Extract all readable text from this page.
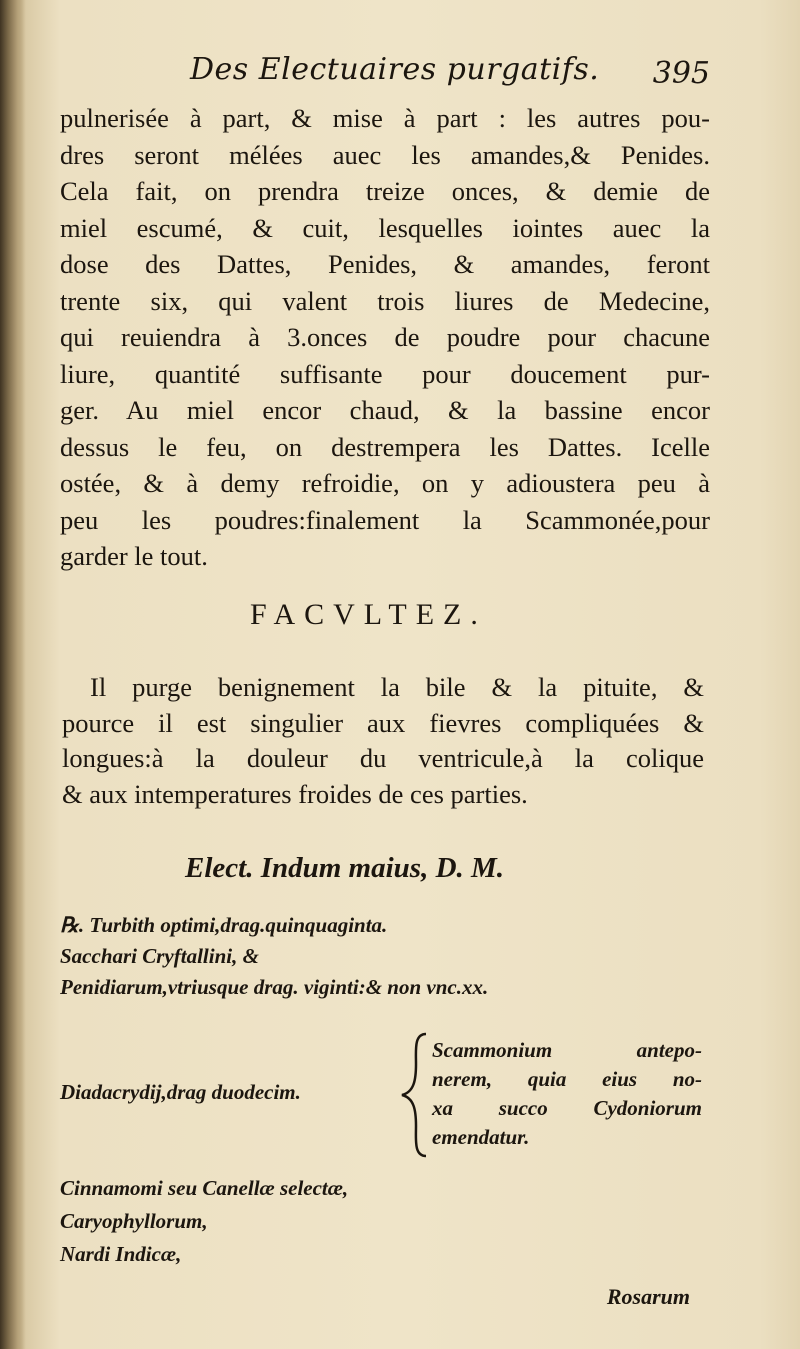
Des Electuaires purgatifs. 395
pulnerisée à part, & mise à part : les autres pou-
dres seront mélées auec les amandes,& Penides.
Cela fait, on prendra treize onces, & demie de
miel escumé, & cuit, lesquelles iointes auec la
dose des Dattes, Penides, & amandes, feront
trente six, qui valent trois liures de Medecine,
qui reuiendra à 3.onces de poudre pour chacune
liure, quantité suffisante pour doucement pur-
ger. Au miel encor chaud, & la bassine encor
dessus le feu, on destrempera les Dattes. Icelle
ostée, & à demy refroidie, on y adioustera peu à
peu les poudres:finalement la Scammonée,pour
garder le tout.
FACVLTEZ.
Il purge benignement la bile & la pituite, &
pource il est singulier aux fievres compliquées &
longues:à la douleur du ventricule,à la colique
& aux intemperatures froides de ces parties.
Elect. Indum maius, D. M.
℞. Turbith optimi,drag.quinquaginta.
Sacchari Cryftallini, &
Penidiarum,vtriusque drag. viginti:& non vnc.xx.
Diadacrydij,drag duodecim.
Scammonium antepo-
nerem, quia eius no-
xa succo Cydoniorum
emendatur.
Cinnamomi seu Canellæ selectæ,
Caryophyllorum,
Nardi Indicæ,
Rosarum
